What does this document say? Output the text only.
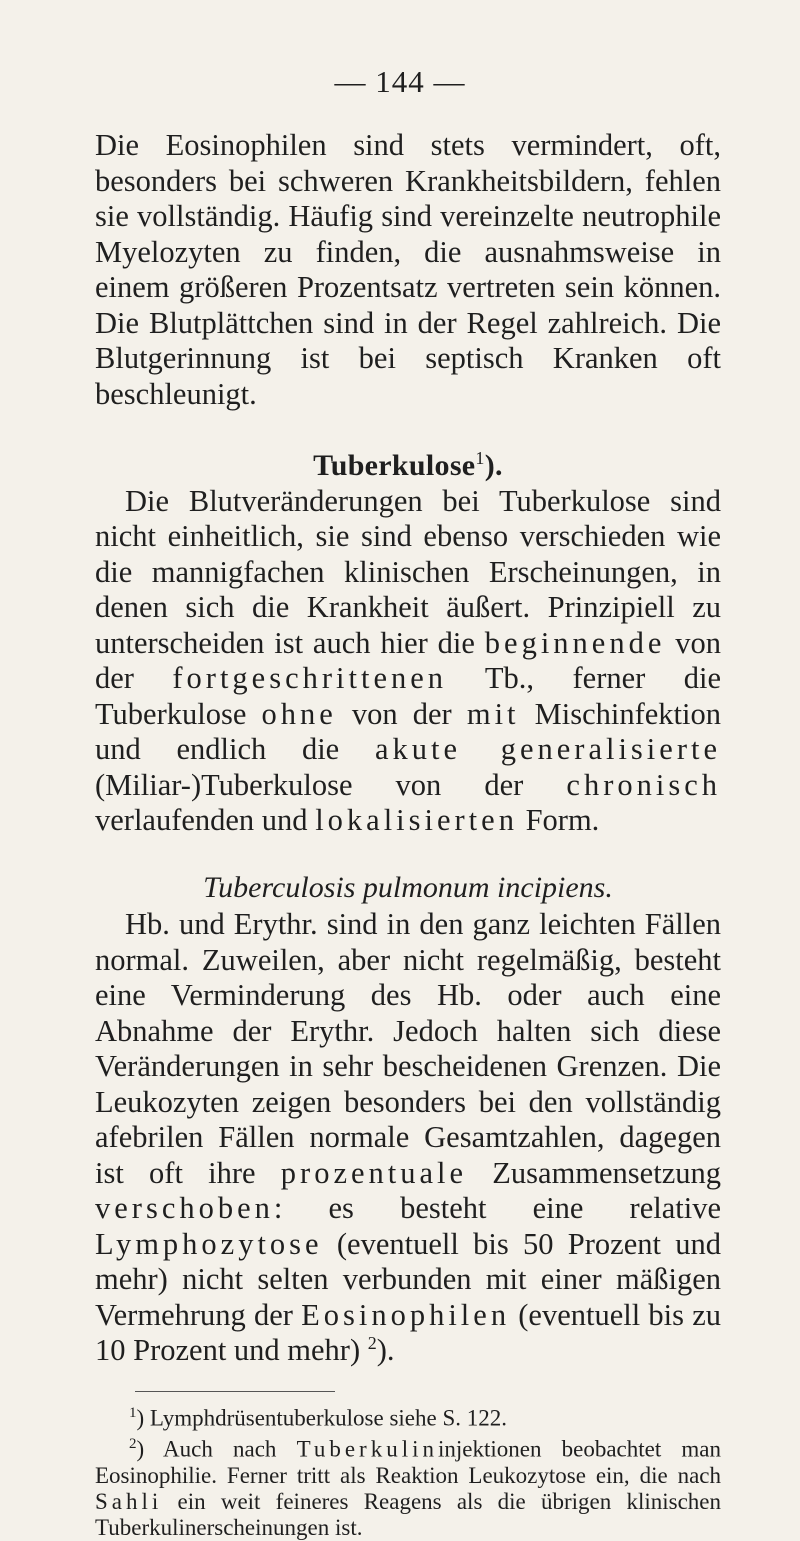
— 144 —

Die Eosinophilen sind stets vermindert, oft, besonders bei schweren Krankheitsbildern, fehlen sie vollständig. Häufig sind vereinzelte neutrophile Myelozyten zu finden, die ausnahmsweise in einem größeren Prozentsatz vertreten sein können. Die Blutplättchen sind in der Regel zahlreich. Die Blutgerinnung ist bei septisch Kranken oft beschleunigt.

Tuberkulose$^1$).

Die Blutveränderungen bei Tuberkulose sind nicht einheitlich, sie sind ebenso verschieden wie die mannigfachen klinischen Erscheinungen, in denen sich die Krankheit äußert. Prinzipiell zu unterscheiden ist auch hier die beginnende von der fortgeschrittenen Tb., ferner die Tuberkulose ohne von der mit Mischinfektion und endlich die akute generalisierte (Miliar-)Tuberkulose von der chronisch verlaufenden und lokalisierten Form.

Tuberculosis pulmonum incipiens.

Hb. und Erythr. sind in den ganz leichten Fällen normal. Zuweilen, aber nicht regelmäßig, besteht eine Verminderung des Hb. oder auch eine Abnahme der Erythr. Jedoch halten sich diese Veränderungen in sehr bescheidenen Grenzen. Die Leukozyten zeigen besonders bei den vollständig afebrilen Fällen normale Gesamtzahlen, dagegen ist oft ihre prozentuale Zusammensetzung verschoben: es besteht eine relative Lymphozytose (eventuell bis 50 Prozent und mehr) nicht selten verbunden mit einer mäßigen Vermehrung der Eosinophilen (eventuell bis zu 10 Prozent und mehr) $^2$).

$^1$) Lymphdrüsentuberkulose siehe S. 122.

$^2$) Auch nach Tuberkulininjektionen beobachtet man Eosinophilie. Ferner tritt als Reaktion Leukozytose ein, die nach Sahli ein weit feineres Reagens als die übrigen klinischen Tuberkulinerscheinungen ist.
